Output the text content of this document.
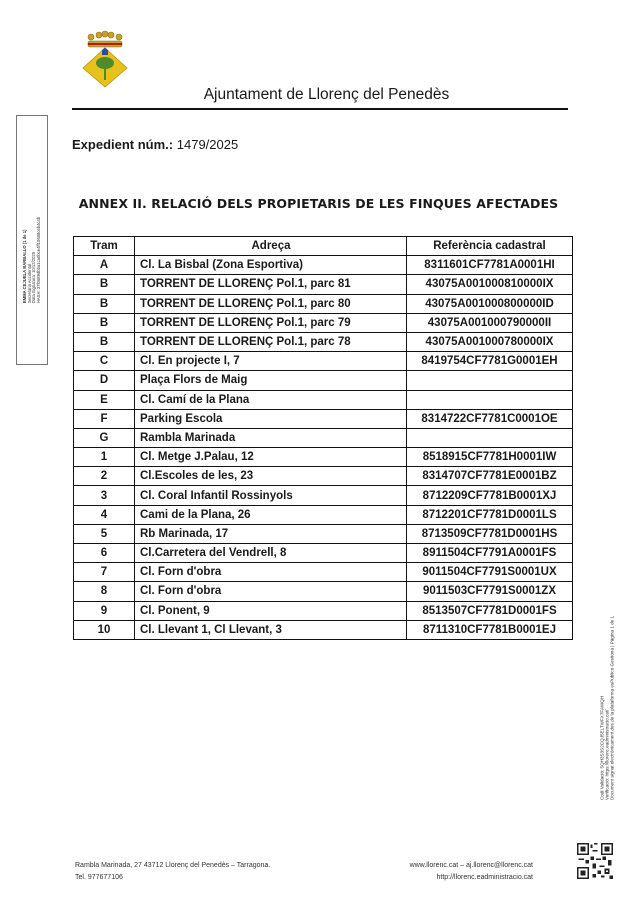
Ajuntament de Llorenç del Penedès
EMMA CEJUELA BARBALLO (1 de 1) Secretària Accidental Data Signatura: 10/12/2025 HASH: 37f0689dbba1ca0bce4ff10688c6b4c4b
Expedient núm.: 1479/2025
ANNEX II. RELACIÓ DELS PROPIETARIS DE LES FINQUES AFECTADES
Tram	Adreça	Referència cadastral
A	Cl. La Bisbal (Zona Esportiva)	8311601CF7781A0001HI
B	TORRENT DE LLORENÇ Pol.1, parc 81	43075A001000810000IX
B	TORRENT DE LLORENÇ Pol.1, parc 80	43075A001000800000ID
B	TORRENT DE LLORENÇ Pol.1, parc 79	43075A001000790000II
B	TORRENT DE LLORENÇ Pol.1, parc 78	43075A001000780000IX
C	Cl. En projecte I, 7	8419754CF7781G0001EH
D	Plaça Flors de Maig	
E	Cl. Camí de la Plana	
F	Parking Escola	8314722CF7781C0001OE
G	Rambla Marinada	
1	Cl. Metge J.Palau, 12	8518915CF7781H0001IW
2	Cl.Escoles de les, 23	8314707CF7781E0001BZ
3	Cl. Coral Infantil Rossinyols	8712209CF7781B0001XJ
4	Cami de la Plana, 26	8712201CF7781D0001LS
5	Rb Marinada, 17	8713509CF7781D0001HS
6	Cl.Carretera del Vendrell, 8	8911504CF7791A0001FS
7	Cl. Forn d'obra	9011504CF7791S0001UX
8	Cl. Forn d'obra	9011503CF7791S0001ZX
9	Cl. Ponent, 9	8513507CF7781D0001FS
10	Cl. Llevant 1, Cl Llevant, 3	8711310CF7781B0001EJ
Codi Validació: 5QH3S3S2CQJ5ELTWFX7FAWQH Verificació: https://llorenc.eadministracio.cat/ Document signat electrònicament des de la plataforma esPublico Gestiona | Pàgina 1 de 1
Rambla Marinada, 27 43712 Llorenç del Penedès – Tarragona.
Tel. 977677106
www.llorenc.cat – aj.llorenc@llorenc.cat
http://llorenc.eadministracio.cat
